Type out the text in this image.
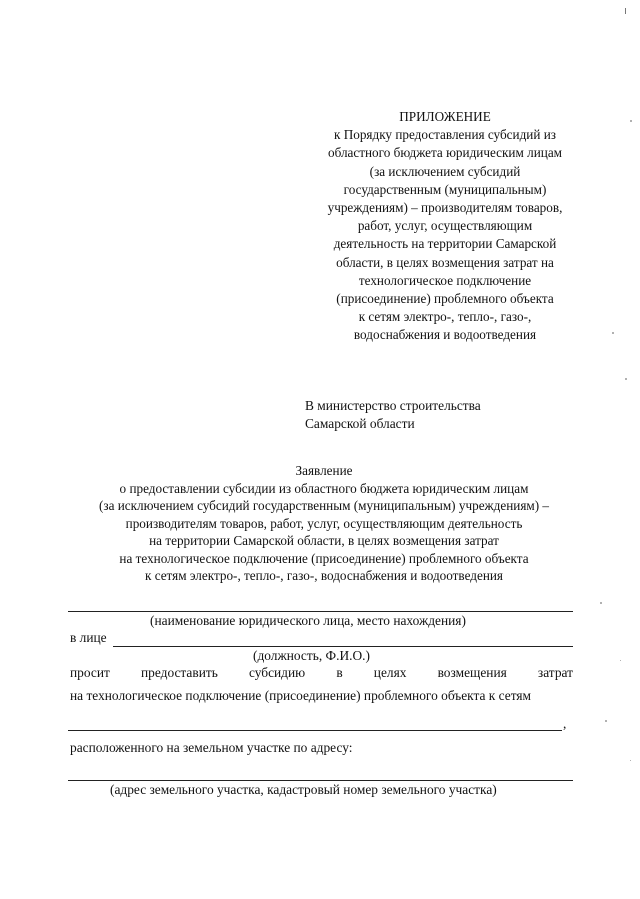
ПРИЛОЖЕНИЕ
к Порядку предоставления субсидий из
областного бюджета юридическим лицам
(за исключением субсидий
государственным (муниципальным)
учреждениям) – производителям товаров,
работ, услуг, осуществляющим
деятельность на территории Самарской
области, в целях возмещения затрат на
технологическое подключение
(присоединение) проблемного объекта
к сетям электро-, тепло-, газо-,
водоснабжения и водоотведения
В министерство строительства
Самарской области
Заявление
о предоставлении субсидии из областного бюджета юридическим лицам
(за исключением субсидий государственным (муниципальным) учреждениям) –
производителям товаров, работ, услуг, осуществляющим деятельность
на территории Самарской области, в целях возмещения затрат
на технологическое подключение (присоединение) проблемного объекта
к сетям электро-, тепло-, газо-, водоснабжения и водоотведения
(наименование юридического лица, место нахождения)
в лице
(должность, Ф.И.О.)
просит предоставить субсидию в целях возмещения затрат
на технологическое подключение (присоединение) проблемного объекта к сетям
,
расположенного на земельном участке по адресу:
(адрес земельного участка, кадастровый номер земельного участка)
